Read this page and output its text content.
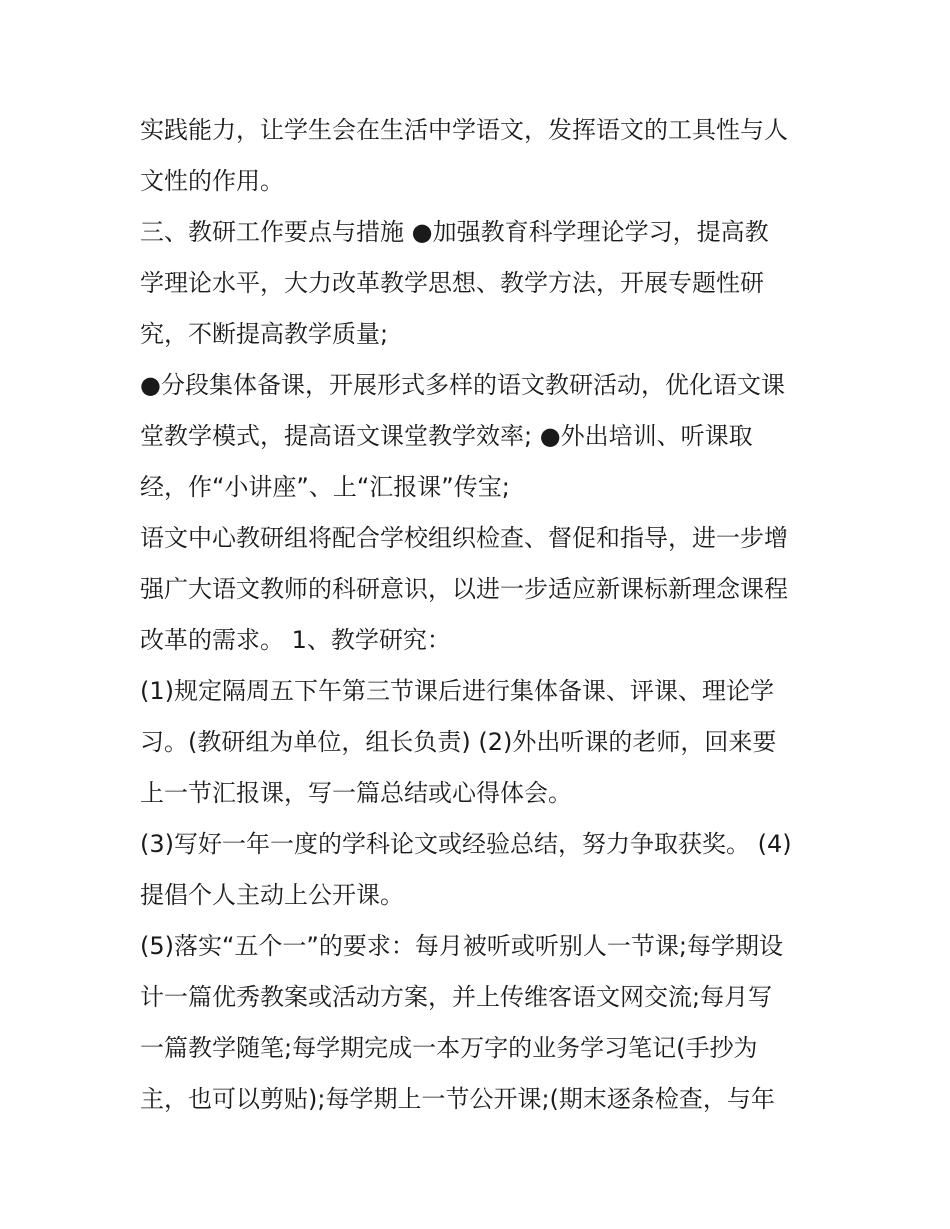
实践能力，让学生会在生活中学语文，发挥语文的工具性与人
文性的作用。
三、教研工作要点与措施 ●加强教育科学理论学习，提高教
学理论水平，大力改革教学思想、教学方法，开展专题性研
究，不断提高教学质量;
●分段集体备课，开展形式多样的语文教研活动，优化语文课
堂教学模式，提高语文课堂教学效率; ●外出培训、听课取
经，作“小讲座”、上“汇报课”传宝;
语文中心教研组将配合学校组织检查、督促和指导，进一步增
强广大语文教师的科研意识，以进一步适应新课标新理念课程
改革的需求。 1、教学研究：
(1)规定隔周五下午第三节课后进行集体备课、评课、理论学
习。(教研组为单位，组长负责) (2)外出听课的老师，回来要
上一节汇报课，写一篇总结或心得体会。
(3)写好一年一度的学科论文或经验总结，努力争取获奖。 (4)
提倡个人主动上公开课。
(5)落实“五个一”的要求：每月被听或听别人一节课;每学期设
计一篇优秀教案或活动方案，并上传维客语文网交流;每月写
一篇教学随笔;每学期完成一本万字的业务学习笔记(手抄为
主，也可以剪贴);每学期上一节公开课;(期末逐条检查，与年
